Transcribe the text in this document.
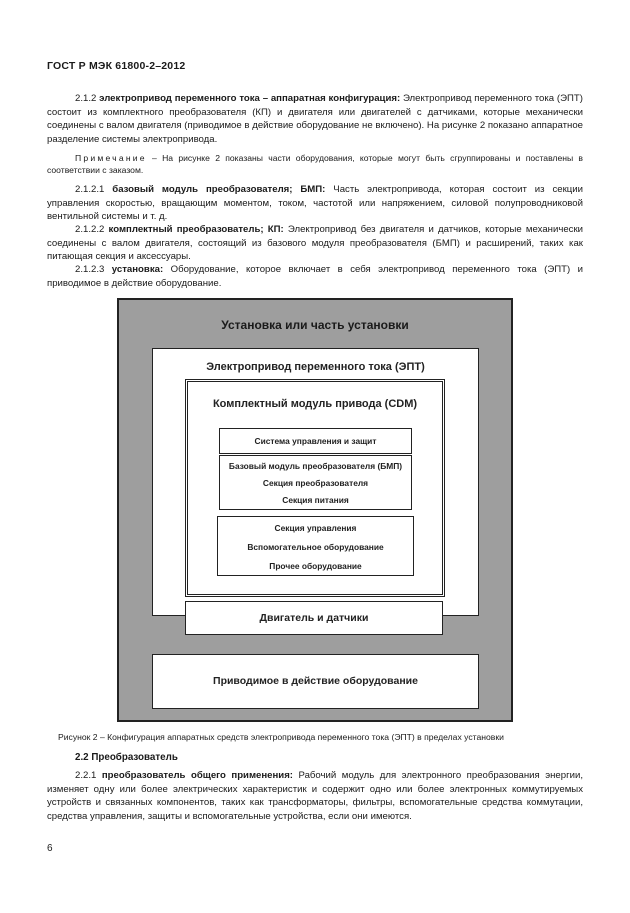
ГОСТ Р МЭК 61800-2–2012
2.1.2 электропривод переменного тока – аппаратная конфигурация: Электропривод переменного тока (ЭПТ) состоит из комплектного преобразователя (КП) и двигателя или двигателей с датчиками, которые механически соединены с валом двигателя (приводимое в действие оборудование не включено). На рисунке 2 показано аппаратное разделение системы электропривода.
Примечание – На рисунке 2 показаны части оборудования, которые могут быть сгруппированы и поставлены в соответствии с заказом.
2.1.2.1 базовый модуль преобразователя; БМП: Часть электропривода, которая состоит из секции управления скоростью, вращающим моментом, током, частотой или напряжением, силовой полупроводниковой вентильной системы и т. д.
2.1.2.2 комплектный преобразователь; КП: Электропривод без двигателя и датчиков, которые механически соединены с валом двигателя, состоящий из базового модуля преобразователя (БМП) и расширений, таких как питающая секция и аксессуары.
2.1.2.3 установка: Оборудование, которое включает в себя электропривод переменного тока (ЭПТ) и приводимое в действие оборудование.
Установка или часть установки
Электропривод переменного тока (ЭПТ)
Комплектный модуль привода (CDM)
Система управления и защит
Базовый модуль преобразователя (БМП)
Секция преобразователя
Секция питания
Секция управления
Вспомогательное оборудование
Прочее оборудование
Двигатель и датчики
Приводимое в действие оборудование
Рисунок 2 – Конфигурация аппаратных средств электропривода переменного тока (ЭПТ) в пределах установки
2.2 Преобразователь
2.2.1 преобразователь общего применения: Рабочий модуль для электронного преобразования энергии, изменяет одну или более электрических характеристик и содержит одно или более электронных коммутируемых устройств и связанных компонентов, таких как трансформаторы, фильтры, вспомогательные средства коммутации, средства управления, защиты и вспомогательные устройства, если они имеются.
6
